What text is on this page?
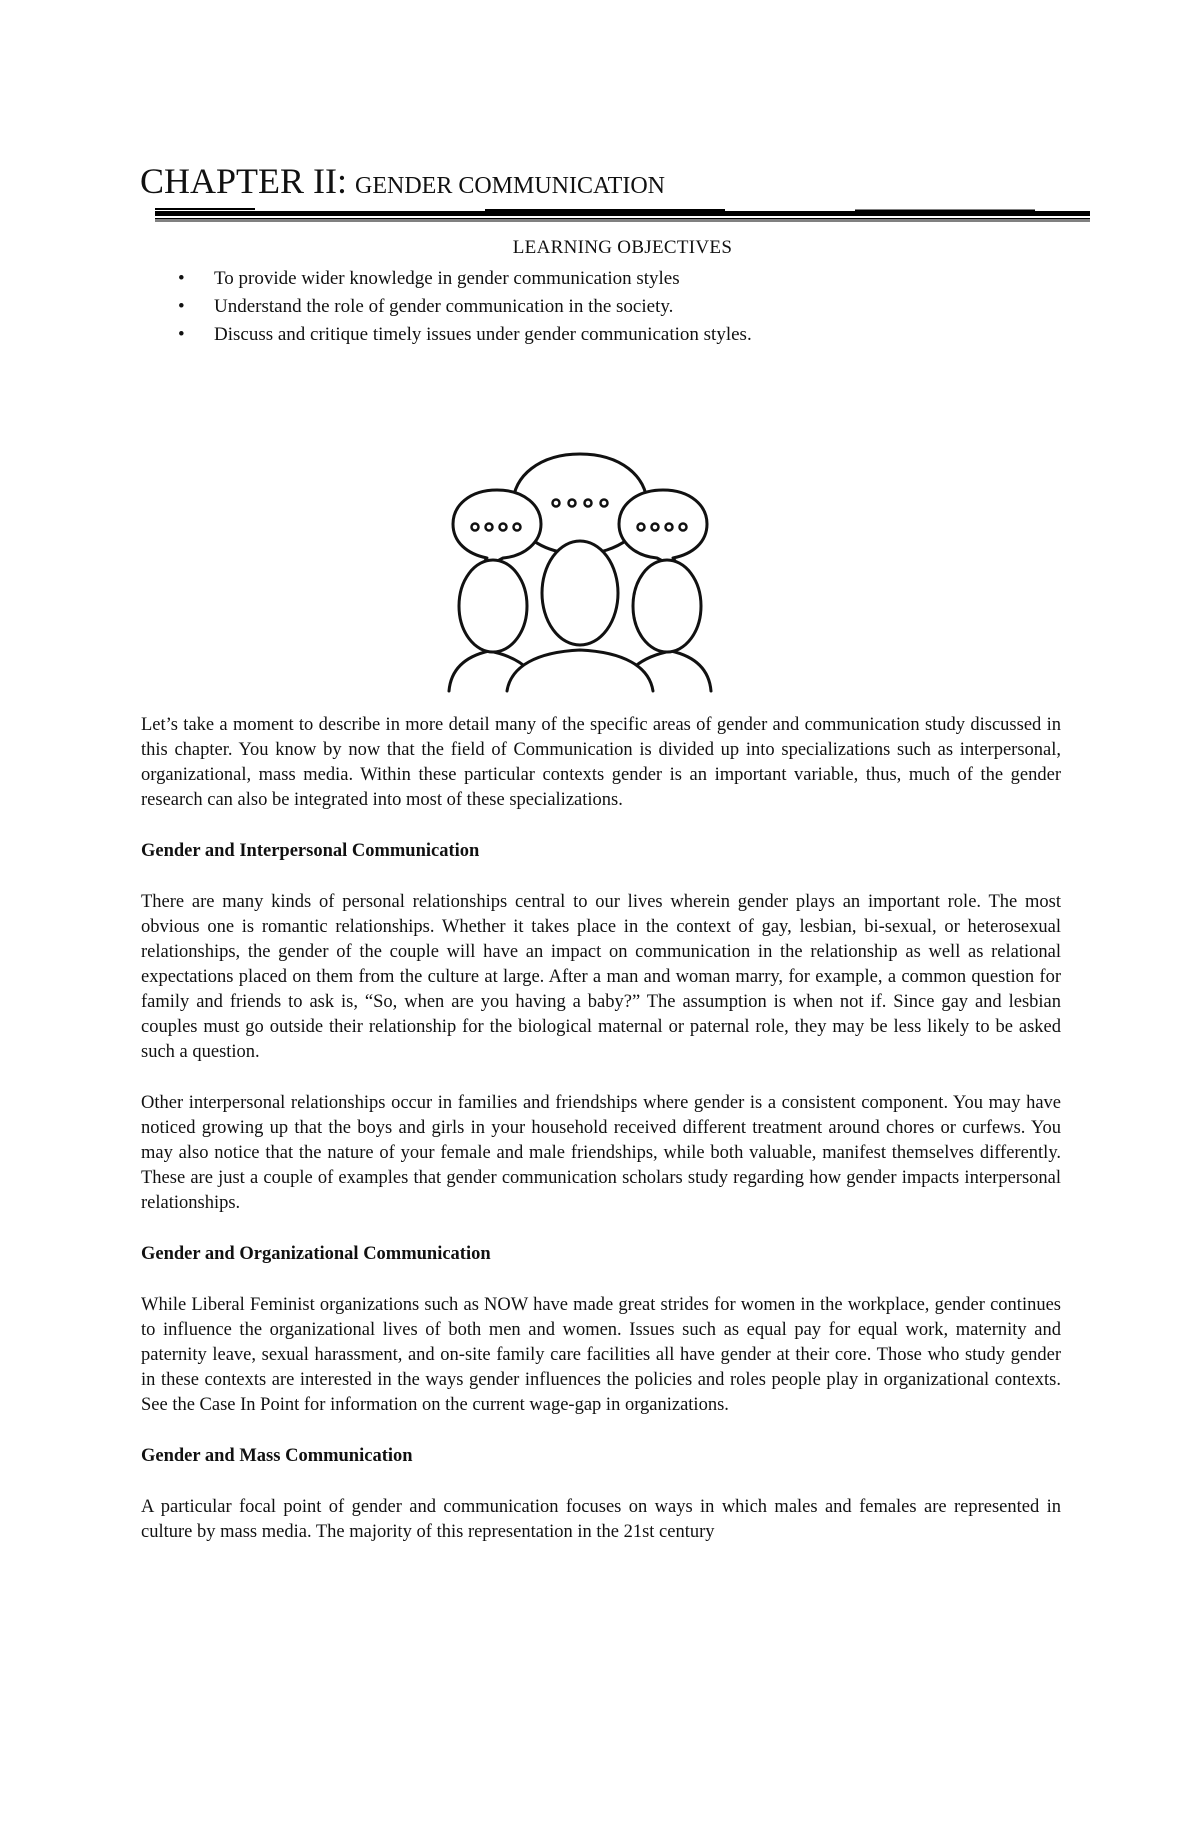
CHAPTER II: GENDER COMMUNICATION
LEARNING OBJECTIVES
• To provide wider knowledge in gender communication styles
• Understand the role of gender communication in the society.
• Discuss and critique timely issues under gender communication styles.

Let’s take a moment to describe in more detail many of the specific areas of gender and communication study discussed in this chapter. You know by now that the field of Communication is divided up into specializations such as interpersonal, organizational, mass media. Within these particular contexts gender is an important variable, thus, much of the gender research can also be integrated into most of these specializations.

Gender and Interpersonal Communication

There are many kinds of personal relationships central to our lives wherein gender plays an important role. The most obvious one is romantic relationships. Whether it takes place in the context of gay, lesbian, bi-sexual, or heterosexual relationships, the gender of the couple will have an impact on communication in the relationship as well as relational expectations placed on them from the culture at large. After a man and woman marry, for example, a common question for family and friends to ask is, “So, when are you having a baby?” The assumption is when not if. Since gay and lesbian couples must go outside their relationship for the biological maternal or paternal role, they may be less likely to be asked such a question.

Other interpersonal relationships occur in families and friendships where gender is a consistent component. You may have noticed growing up that the boys and girls in your household received different treatment around chores or curfews. You may also notice that the nature of your female and male friendships, while both valuable, manifest themselves differently. These are just a couple of examples that gender communication scholars study regarding how gender impacts interpersonal relationships.

Gender and Organizational Communication

While Liberal Feminist organizations such as NOW have made great strides for women in the workplace, gender continues to influence the organizational lives of both men and women. Issues such as equal pay for equal work, maternity and paternity leave, sexual harassment, and on-site family care facilities all have gender at their core. Those who study gender in these contexts are interested in the ways gender influences the policies and roles people play in organizational contexts. See the Case In Point for information on the current wage-gap in organizations.

Gender and Mass Communication

A particular focal point of gender and communication focuses on ways in which males and females are represented in culture by mass media. The majority of this representation in the 21st century
